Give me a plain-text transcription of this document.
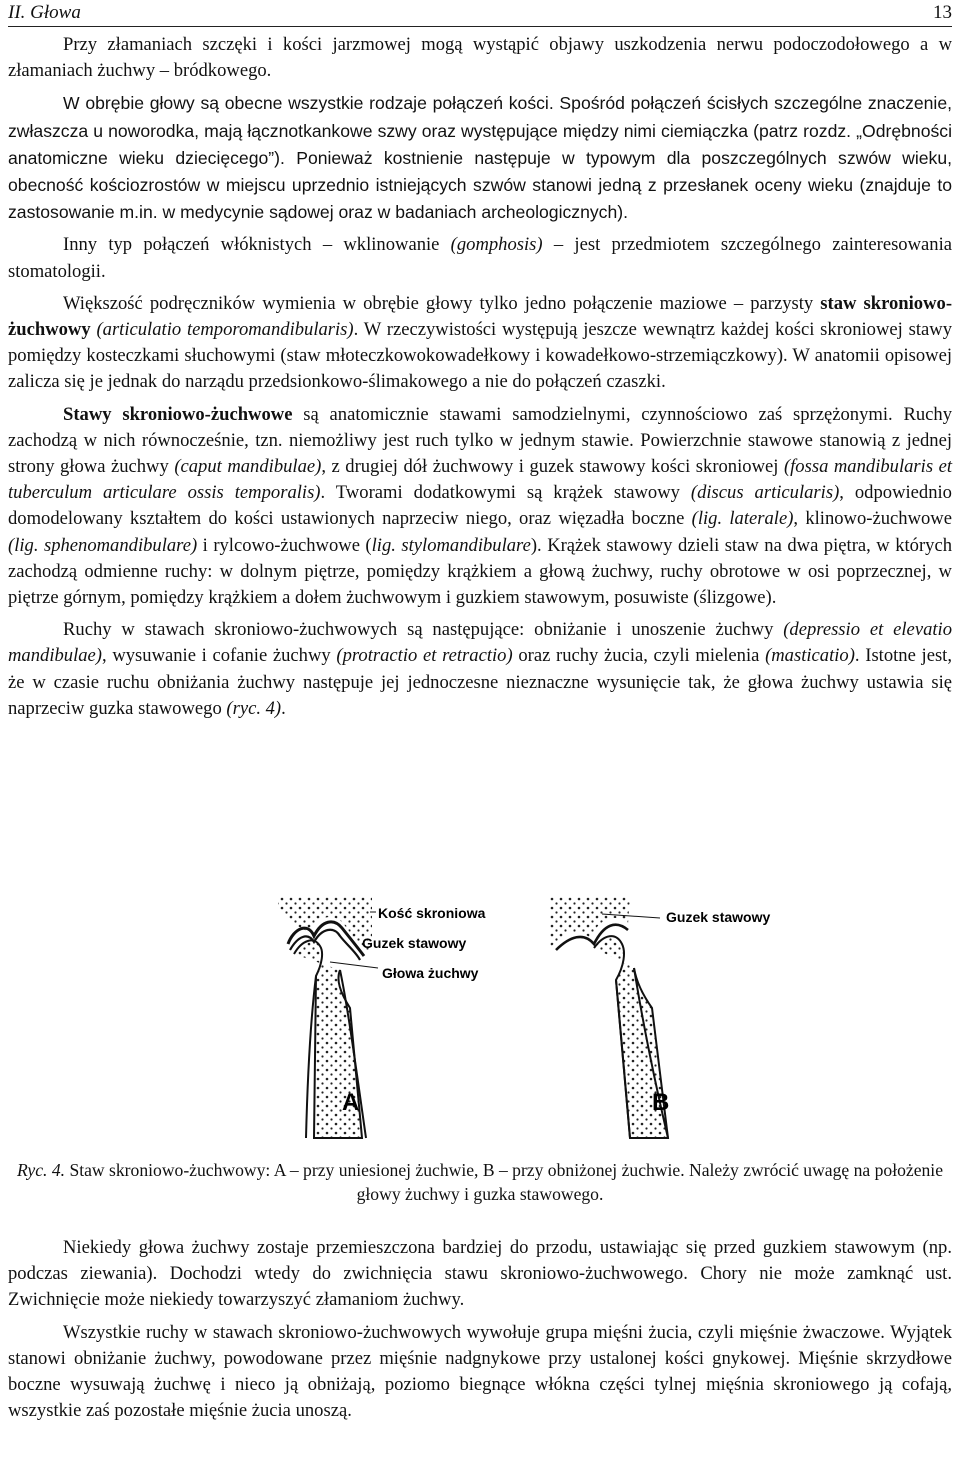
II. Głowa	13

Przy złamaniach szczęki i kości jarzmowej mogą wystąpić objawy uszkodzenia nerwu podoczodołowego a w złamaniach żuchwy – bródkowego.

W obrębie głowy są obecne wszystkie rodzaje połączeń kości. Spośród połączeń ścisłych szczególne znaczenie, zwłaszcza u noworodka, mają łącznotkankowe szwy oraz występujące między nimi ciemiączka (patrz rozdz. „Odrębności anatomiczne wieku dziecięcego”). Ponieważ kostnienie następuje w typowym dla poszczególnych szwów wieku, obecność kościozrostów w miejscu uprzednio istniejących szwów stanowi jedną z przesłanek oceny wieku (znajduje to zastosowanie m.in. w medycynie sądowej oraz w badaniach archeologicznych).

Inny typ połączeń włóknistych – wklinowanie (gomphosis) – jest przedmiotem szczególnego zainteresowania stomatologii.

Większość podręczników wymienia w obrębie głowy tylko jedno połączenie maziowe – parzysty staw skroniowo-żuchwowy (articulatio temporomandibularis). W rzeczywistości występują jeszcze wewnątrz każdej kości skroniowej stawy pomiędzy kosteczkami słuchowymi (staw młoteczkowokowadełkowy i kowadełkowo-strzemiączkowy). W anatomii opisowej zalicza się je jednak do narządu przedsionkowo-ślimakowego a nie do połączeń czaszki.

Stawy skroniowo-żuchwowe są anatomicznie stawami samodzielnymi, czynnościowo zaś sprzężonymi. Ruchy zachodzą w nich równocześnie, tzn. niemożliwy jest ruch tylko w jednym stawie. Powierzchnie stawowe stanowią z jednej strony głowa żuchwy (caput mandibulae), z drugiej dół żuchwowy i guzek stawowy kości skroniowej (fossa mandibularis et tuberculum articulare ossis temporalis). Tworami dodatkowymi są krążek stawowy (discus articularis), odpowiednio domodelowany kształtem do kości ustawionych naprzeciw niego, oraz więzadła boczne (lig. laterale), klinowo-żuchwowe (lig. sphenomandibulare) i rylcowo-żuchwowe (lig. stylomandibulare). Krążek stawowy dzieli staw na dwa piętra, w których zachodzą odmienne ruchy: w dolnym piętrze, pomiędzy krążkiem a głową żuchwy, ruchy obrotowe w osi poprzecznej, w piętrze górnym, pomiędzy krążkiem a dołem żuchwowym i guzkiem stawowym, posuwiste (ślizgowe).

Ruchy w stawach skroniowo-żuchwowych są następujące: obniżanie i unoszenie żuchwy (depressio et elevatio mandibulae), wysuwanie i cofanie żuchwy (protractio et retractio) oraz ruchy żucia, czyli mielenia (masticatio). Istotne jest, że w czasie ruchu obniżania żuchwy następuje jej jednoczesne nieznaczne wysunięcie tak, że głowa żuchwy ustawia się naprzeciw guzka stawowego (ryc. 4).

Kość skroniowa
Guzek stawowy
Głowa żuchwy
Guzek stawowy
A	B
Ryc. 4. Staw skroniowo-żuchwowy: A – przy uniesionej żuchwie, B – przy obniżonej żuchwie. Należy zwrócić uwagę na położenie głowy żuchwy i guzka stawowego.

Niekiedy głowa żuchwy zostaje przemieszczona bardziej do przodu, ustawiając się przed guzkiem stawowym (np. podczas ziewania). Dochodzi wtedy do zwichnięcia stawu skroniowo-żuchwowego. Chory nie może zamknąć ust. Zwichnięcie może niekiedy towarzyszyć złamaniom żuchwy.

Wszystkie ruchy w stawach skroniowo-żuchwowych wywołuje grupa mięśni żucia, czyli mięśnie żwaczowe. Wyjątek stanowi obniżanie żuchwy, powodowane przez mięśnie nadgnykowe przy ustalonej kości gnykowej. Mięśnie skrzydłowe boczne wysuwają żuchwę i nieco ją obniżają, poziomo biegnące włókna części tylnej mięśnia skroniowego ją cofają, wszystkie zaś pozostałe mięśnie żucia unoszą.
